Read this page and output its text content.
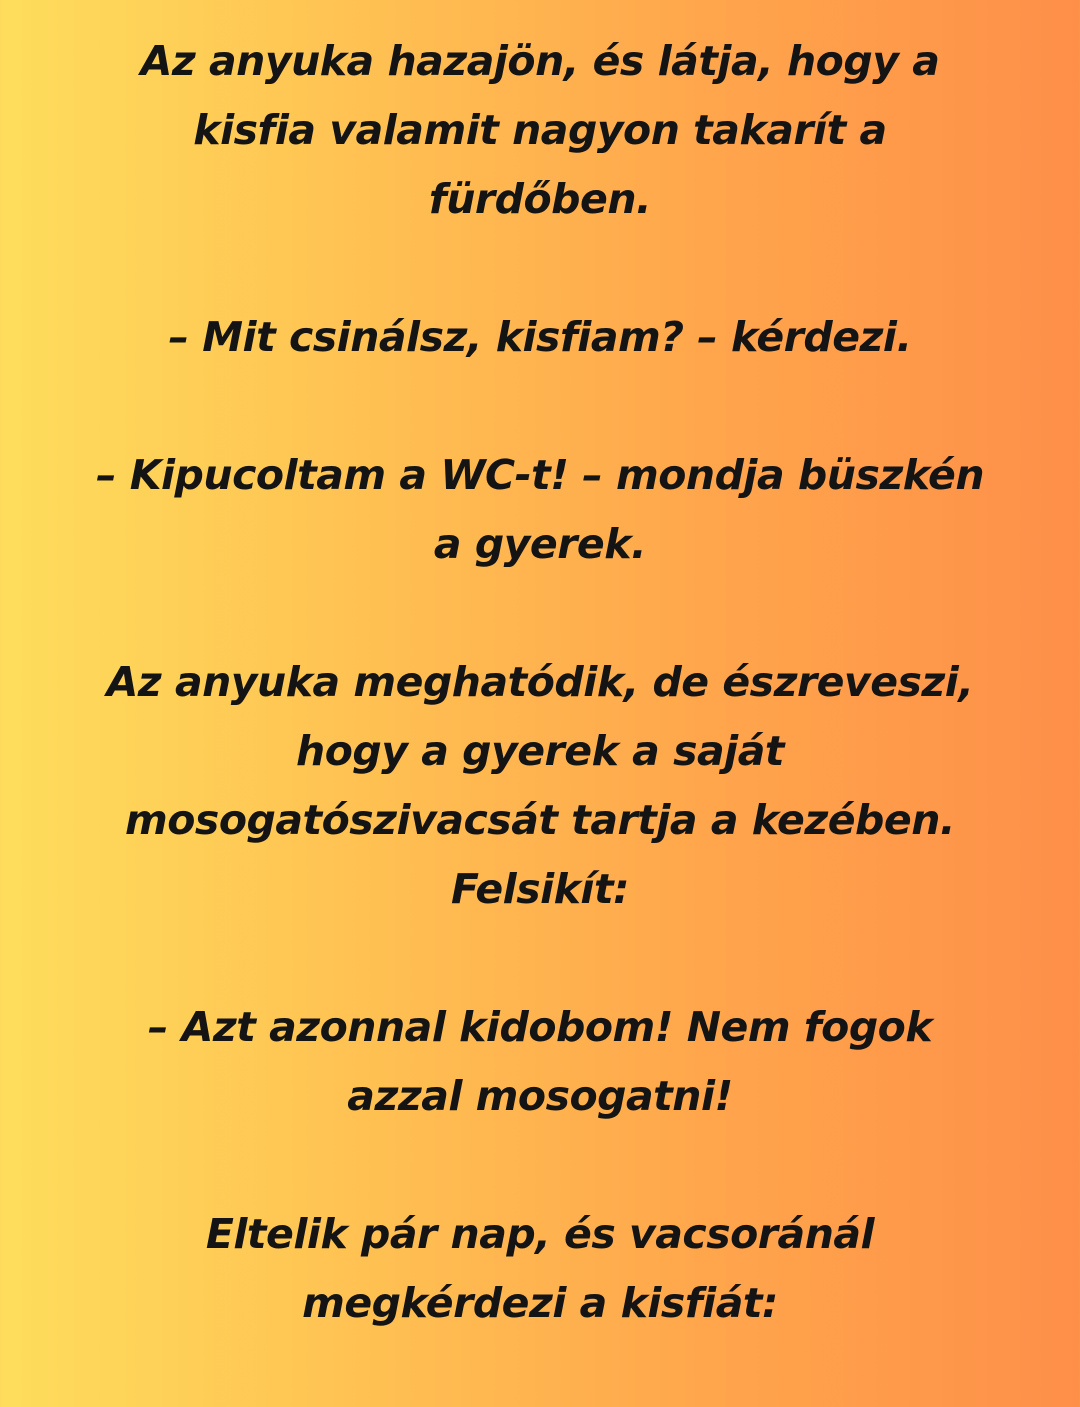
Az anyuka hazajön, és látja, hogy a
kisfia valamit nagyon takarít a
fürdőben.

– Mit csinálsz, kisfiam? – kérdezi.

– Kipucoltam a WC-t! – mondja büszkén
a gyerek.

Az anyuka meghatódik, de észreveszi,
hogy a gyerek a saját
mosogatószivacsát tartja a kezében.
Felsikít:

– Azt azonnal kidobom! Nem fogok
azzal mosogatni!

Eltelik pár nap, és vacsoránál
megkérdezi a kisfiát:
